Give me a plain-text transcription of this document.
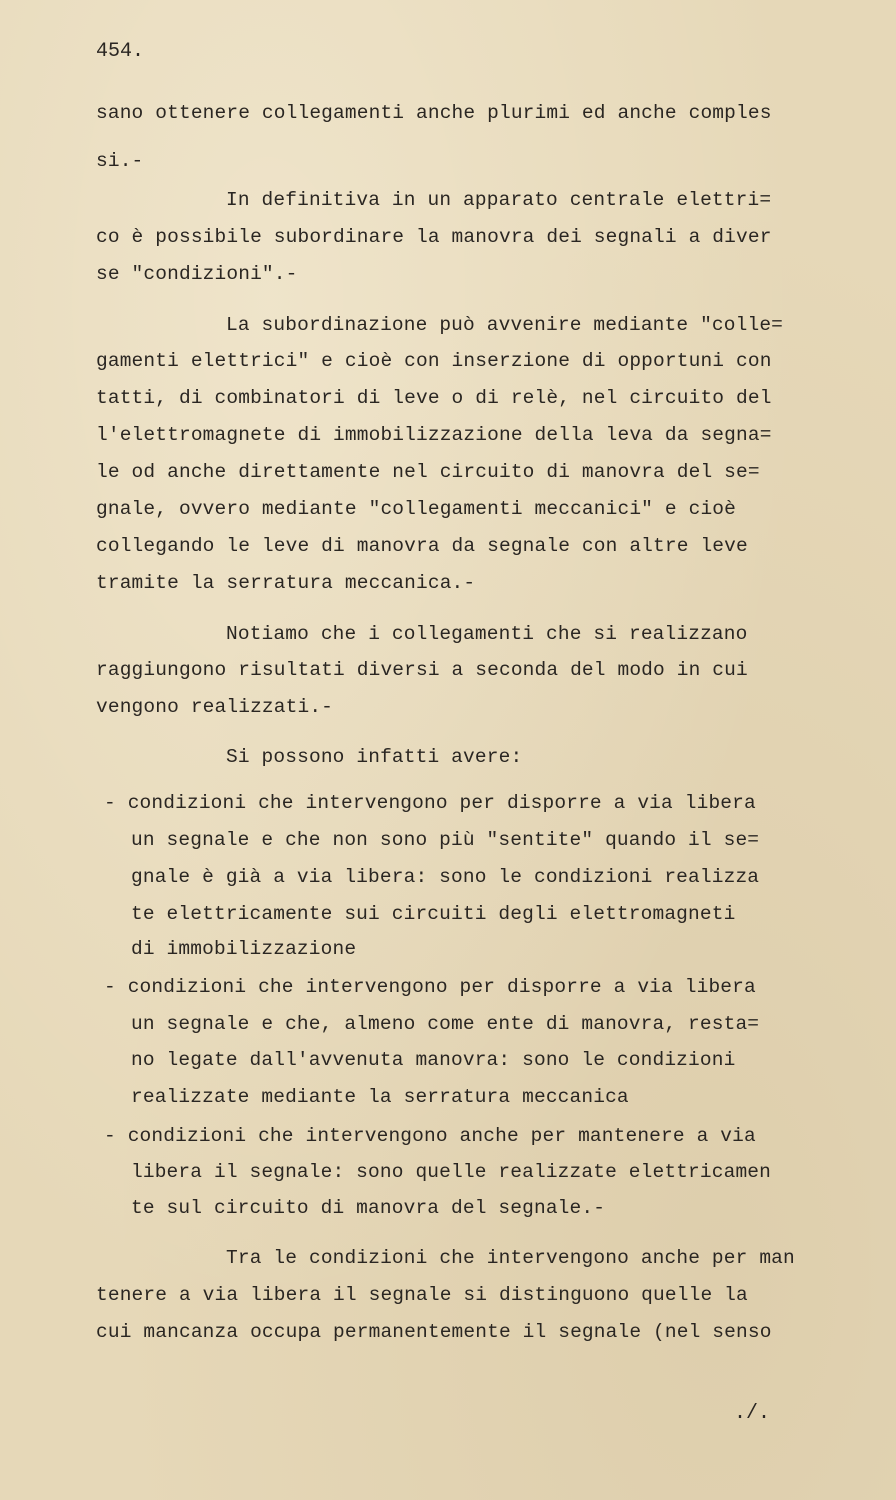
454.
sano ottenere collegamenti anche plurimi ed anche comples
si.-
In definitiva in un apparato centrale elettri=
co è possibile subordinare la manovra dei segnali a diver
se "condizioni".-
La subordinazione può avvenire mediante "colle=
gamenti elettrici" e cioè con inserzione di opportuni con
tatti, di combinatori di leve o di relè, nel circuito del
l'elettromagnete di immobilizzazione della leva da segna=
le od anche direttamente nel circuito di manovra del se=
gnale, ovvero mediante "collegamenti meccanici" e cioè
collegando le leve di manovra da segnale con altre leve
tramite la serratura meccanica.-
Notiamo che i collegamenti che si realizzano
raggiungono risultati diversi a seconda del modo in cui
vengono realizzati.-
Si possono infatti avere:
- condizioni che intervengono per disporre a via libera
un segnale e che non sono più "sentite" quando il se=
gnale è già a via libera: sono le condizioni realizza
te elettricamente sui circuiti degli elettromagneti
di immobilizzazione
- condizioni che intervengono per disporre a via libera
un segnale e che, almeno come ente di manovra, resta=
no legate dall'avvenuta manovra: sono le condizioni
realizzate mediante la serratura meccanica
- condizioni che intervengono anche per mantenere a via
libera il segnale: sono quelle realizzate elettricamen
te sul circuito di manovra del segnale.-
Tra le condizioni che intervengono anche per man
tenere a via libera il segnale si distinguono quelle la
cui mancanza occupa permanentemente il segnale (nel senso
./.
